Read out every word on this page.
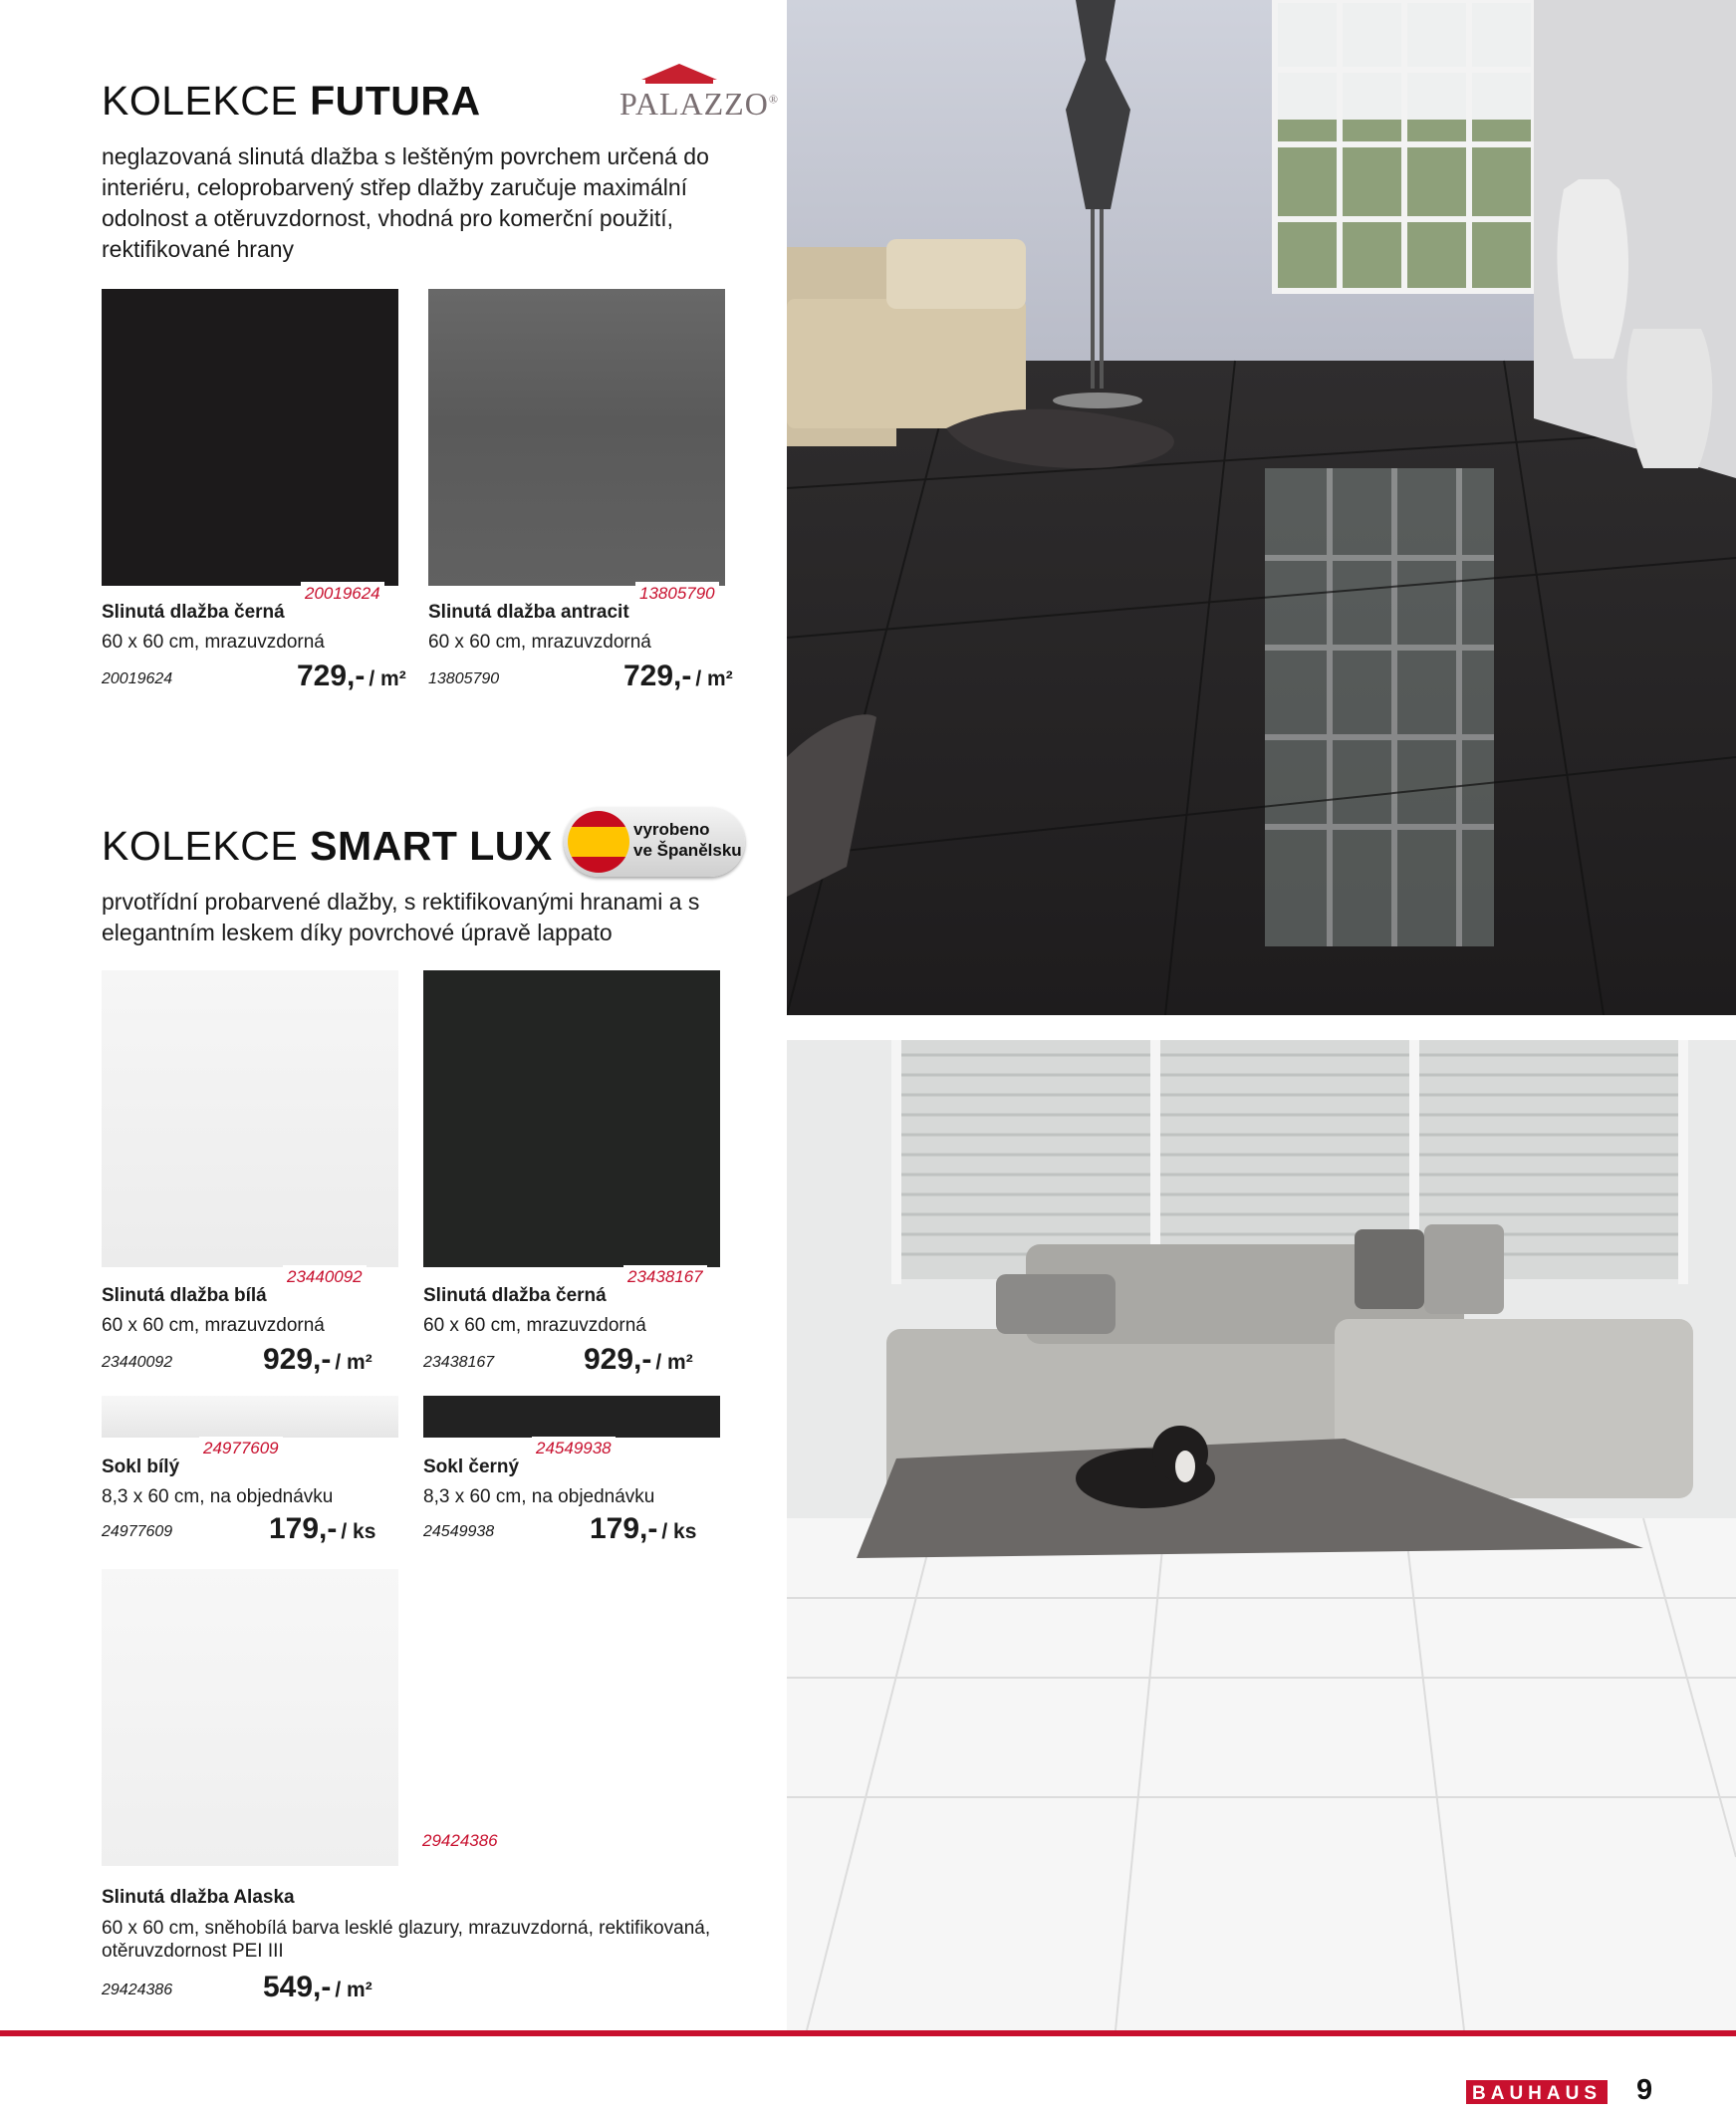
KOLEKCE FUTURA	PALAZZO®
neglazovaná slinutá dlažba s leštěným povrchem určená do interiéru, celoprobarvený střep dlažby zaručuje maximální odolnost a otěruvzdornost, vhodná pro komerční použití, rektifikované hrany
20019624
Slinutá dlažba černá
60 x 60 cm, mrazuvzdorná
20019624	729,- / m²
13805790
Slinutá dlažba antracit
60 x 60 cm, mrazuvzdorná
13805790	729,- / m²
KOLEKCE SMART LUX	vyrobeno
ve Španělsku
prvotřídní probarvené dlažby, s rektifikovanými hranami a s elegantním leskem díky povrchové úpravě lappato
23440092
Slinutá dlažba bílá
60 x 60 cm, mrazuvzdorná
23440092	929,- / m²
23438167
Slinutá dlažba černá
60 x 60 cm, mrazuvzdorná
23438167	929,- / m²
24977609
Sokl bílý
8,3 x 60 cm, na objednávku
24977609	179,- / ks
24549938
Sokl černý
8,3 x 60 cm, na objednávku
24549938	179,- / ks
29424386
Slinutá dlažba Alaska
60 x 60 cm, sněhobílá barva lesklé glazury, mrazuvzdorná, rektifikovaná, otěruvzdornost PEI III
29424386	549,- / m²
BAUHAUS 9
